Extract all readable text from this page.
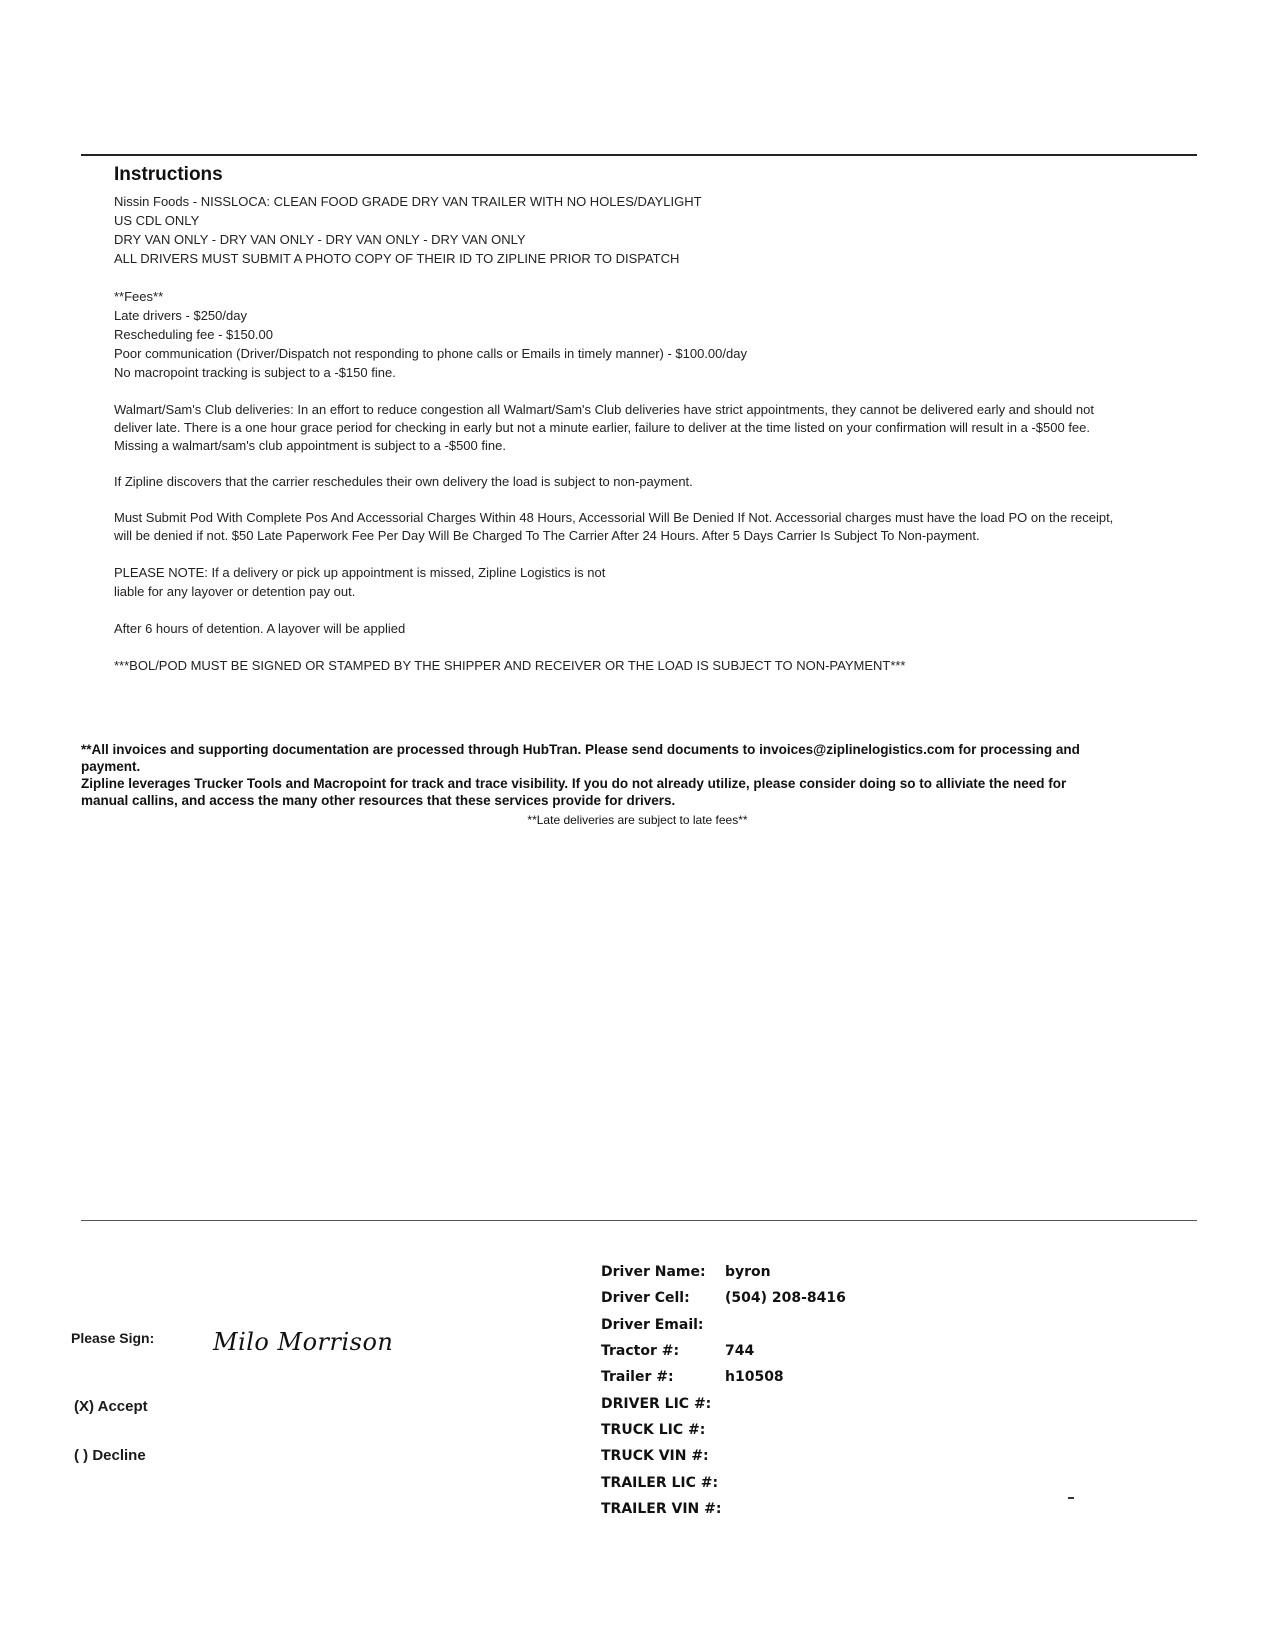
Instructions
Nissin Foods - NISSLOCA: CLEAN FOOD GRADE DRY VAN TRAILER WITH NO HOLES/DAYLIGHT
US CDL ONLY
DRY VAN ONLY - DRY VAN ONLY - DRY VAN ONLY - DRY VAN ONLY
ALL DRIVERS MUST SUBMIT A PHOTO COPY OF THEIR ID TO ZIPLINE PRIOR TO DISPATCH
**Fees**
Late drivers - $250/day
Rescheduling fee - $150.00
Poor communication (Driver/Dispatch not responding to phone calls or Emails in timely manner) - $100.00/day
No macropoint tracking is subject to a -$150 fine.
Walmart/Sam's Club deliveries: In an effort to reduce congestion all Walmart/Sam's Club deliveries have strict appointments, they cannot be delivered early and should not deliver late. There is a one hour grace period for checking in early but not a minute earlier, failure to deliver at the time listed on your confirmation will result in a -$500 fee. Missing a walmart/sam's club appointment is subject to a -$500 fine.
If Zipline discovers that the carrier reschedules their own delivery the load is subject to non-payment.
Must Submit Pod With Complete Pos And Accessorial Charges Within 48 Hours, Accessorial Will Be Denied If Not. Accessorial charges must have the load PO on the receipt, will be denied if not. $50 Late Paperwork Fee Per Day Will Be Charged To The Carrier After 24 Hours. After 5 Days Carrier Is Subject To Non-payment.
PLEASE NOTE: If a delivery or pick up appointment is missed, Zipline Logistics is not
liable for any layover or detention pay out.
After 6 hours of detention. A layover will be applied
***BOL/POD MUST BE SIGNED OR STAMPED BY THE SHIPPER AND RECEIVER OR THE LOAD IS SUBJECT TO NON-PAYMENT***

**All invoices and supporting documentation are processed through HubTran. Please send documents to invoices@ziplinelogistics.com for processing and payment.

Zipline leverages Trucker Tools and Macropoint for track and trace visibility. If you do not already utilize, please consider doing so to alliviate the need for manual callins, and access the many other resources that these services provide for drivers.

**Late deliveries are subject to late fees**
Please Sign: Milo Morrison
(X) Accept
( ) Decline
Driver Name:	byron
Driver Cell:	(504) 208-8416
Driver Email:
Tractor #:	744
Trailer #:	h10508
DRIVER LIC #:
TRUCK LIC #:
TRUCK VIN #:
TRAILER LIC #:
TRAILER VIN #:
